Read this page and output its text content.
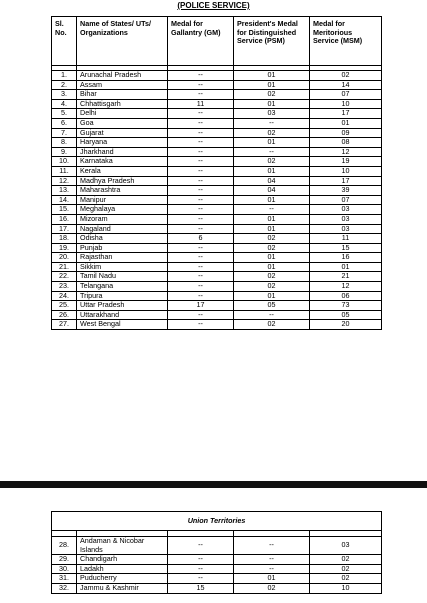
(POLICE SERVICE)
Sl. No.	Name of States/ UTs/ Organizations	Medal for Gallantry (GM)	President's Medal for Distinguished Service (PSM)	Medal for Meritorious Service (MSM)

1.	Arunachal Pradesh	--	01	02
2.	Assam	--	01	14
3.	Bihar	--	02	07
4.	Chhattisgarh	11	01	10
5.	Delhi	--	03	17
6.	Goa	--	--	01
7.	Gujarat	--	02	09
8.	Haryana	--	01	08
9.	Jharkhand	--	--	12
10.	Karnataka	--	02	19
11.	Kerala	--	01	10
12.	Madhya Pradesh	--	04	17
13.	Maharashtra	--	04	39
14.	Manipur	--	01	07
15.	Meghalaya	--	--	03
16.	Mizoram	--	01	03
17.	Nagaland	--	01	03
18.	Odisha	6	02	11
19.	Punjab	--	02	15
20.	Rajasthan	--	01	16
21.	Sikkim	--	01	01
22.	Tamil Nadu	--	02	21
23.	Telangana	--	02	12
24.	Tripura	--	01	06
25.	Uttar Pradesh	17	05	73
26.	Uttarakhand	--	--	05
27.	West Bengal	--	02	20
Union Territories				

28.	Andaman & Nicobar Islands	--	--	03
29.	Chandigarh	--	--	02
30.	Ladakh	--	--	02
31.	Puducherry	--	01	02
32.	Jammu & Kashmir	15	02	10
